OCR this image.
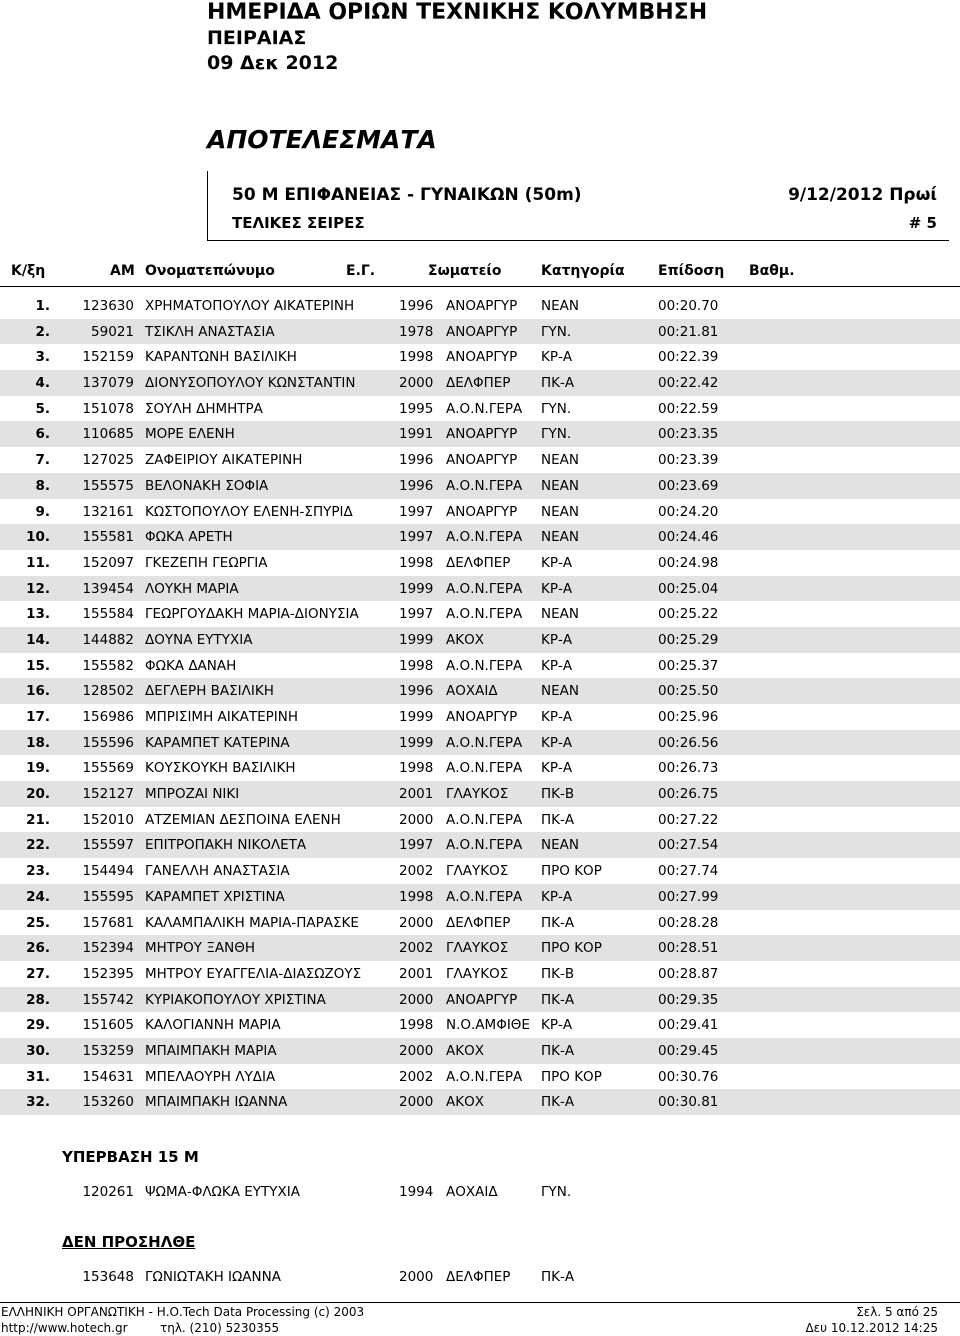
ΗΜΕΡΙΔΑ ΟΡΙΩΝ ΤΕΧΝΙΚΗΣ ΚΟΛΥΜΒΗΣΗ
ΠΕΙΡΑΙΑΣ
09 Δεκ 2012
ΑΠΟΤΕΛΕΣΜΑΤΑ
50 Μ ΕΠΙΦΑΝΕΙΑΣ - ΓΥΝΑΙΚΩΝ (50m)	9/12/2012 Πρωί
ΤΕΛΙΚΕΣ ΣΕΙΡΕΣ	# 5
Κ/ξη	ΑΜ Ονοματεπώνυμο	Ε.Γ.	Σωματείο	Κατηγορία Επίδοση Βαθμ.
1.	123630 ΧΡΗΜΑΤΟΠΟΥΛΟΥ ΑΙΚΑΤΕΡΙΝΗ	1996 ΑΝΟΑΡΓΥΡ ΝΕΑΝ	00:20.70
2.	59021 ΤΣΙΚΛΗ ΑΝΑΣΤΑΣΙΑ	1978 ΑΝΟΑΡΓΥΡ ΓΥΝ.	00:21.81
3.	152159 ΚΑΡΑΝΤΩΝΗ ΒΑΣΙΛΙΚΗ	1998 ΑΝΟΑΡΓΥΡ ΚΡ-Α	00:22.39
4.	137079 ΔΙΟΝΥΣΟΠΟΥΛΟΥ ΚΩΝΣΤΑΝΤΙΝ	2000 ΔΕΛΦΠΕΡ ΠΚ-Α	00:22.42
5.	151078 ΣΟΥΛΗ ΔΗΜΗΤΡΑ	1995 Α.Ο.Ν.ΓΕΡΑ ΓΥΝ.	00:22.59
6.	110685 ΜΟΡΕ ΕΛΕΝΗ	1991 ΑΝΟΑΡΓΥΡ ΓΥΝ.	00:23.35
7.	127025 ΖΑΦΕΙΡΙΟΥ ΑΙΚΑΤΕΡΙΝΗ	1996 ΑΝΟΑΡΓΥΡ ΝΕΑΝ	00:23.39
8.	155575 ΒΕΛΟΝΑΚΗ ΣΟΦΙΑ	1996 Α.Ο.Ν.ΓΕΡΑ ΝΕΑΝ	00:23.69
9.	132161 ΚΩΣΤΟΠΟΥΛΟΥ ΕΛΕΝΗ-ΣΠΥΡΙΔ	1997 ΑΝΟΑΡΓΥΡ ΝΕΑΝ	00:24.20
10.	155581 ΦΩΚΑ ΑΡΕΤΗ	1997 Α.Ο.Ν.ΓΕΡΑ ΝΕΑΝ	00:24.46
11.	152097 ΓΚΕΖΕΠΗ ΓΕΩΡΓΙΑ	1998 ΔΕΛΦΠΕΡ ΚΡ-Α	00:24.98
12.	139454 ΛΟΥΚΗ ΜΑΡΙΑ	1999 Α.Ο.Ν.ΓΕΡΑ ΚΡ-Α	00:25.04
13.	155584 ΓΕΩΡΓΟΥΔΑΚΗ ΜΑΡΙΑ-ΔΙΟΝΥΣΙΑ	1997 Α.Ο.Ν.ΓΕΡΑ ΝΕΑΝ	00:25.22
14.	144882 ΔΟΥΝΑ ΕΥΤΥΧΙΑ	1999 ΑΚΟΧ	ΚΡ-Α	00:25.29
15.	155582 ΦΩΚΑ ΔΑΝΑΗ	1998 Α.Ο.Ν.ΓΕΡΑ ΚΡ-Α	00:25.37
16.	128502 ΔΕΓΛΕΡΗ ΒΑΣΙΛΙΚΗ	1996 ΑΟΧΑΙΔ	ΝΕΑΝ	00:25.50
17.	156986 ΜΠΡΙΣΙΜΗ ΑΙΚΑΤΕΡΙΝΗ	1999 ΑΝΟΑΡΓΥΡ ΚΡ-Α	00:25.96
18.	155596 ΚΑΡΑΜΠΕΤ ΚΑΤΕΡΙΝΑ	1999 Α.Ο.Ν.ΓΕΡΑ ΚΡ-Α	00:26.56
19.	155569 ΚΟΥΣΚΟΥΚΗ ΒΑΣΙΛΙΚΗ	1998 Α.Ο.Ν.ΓΕΡΑ ΚΡ-Α	00:26.73
20.	152127 ΜΠΡΟΖΑΙ ΝΙΚΙ	2001 ΓΛΑΥΚΟΣ ΠΚ-Β	00:26.75
21.	152010 ΑΤΖΕΜΙΑΝ ΔΕΣΠΟΙΝΑ ΕΛΕΝΗ	2000 Α.Ο.Ν.ΓΕΡΑ ΠΚ-Α	00:27.22
22.	155597 ΕΠΙΤΡΟΠΑΚΗ ΝΙΚΟΛΕΤΑ	1997 Α.Ο.Ν.ΓΕΡΑ ΝΕΑΝ	00:27.54
23.	154494 ΓΑΝΕΛΛΗ ΑΝΑΣΤΑΣΙΑ	2002 ΓΛΑΥΚΟΣ ΠΡΟ ΚΟΡ	00:27.74
24.	155595 ΚΑΡΑΜΠΕΤ ΧΡΙΣΤΙΝΑ	1998 Α.Ο.Ν.ΓΕΡΑ ΚΡ-Α	00:27.99
25.	157681 ΚΑΛΑΜΠΑΛΙΚΗ ΜΑΡΙΑ-ΠΑΡΑΣΚΕ	2000 ΔΕΛΦΠΕΡ ΠΚ-Α	00:28.28
26.	152394 ΜΗΤΡΟΥ ΞΑΝΘΗ	2002 ΓΛΑΥΚΟΣ ΠΡΟ ΚΟΡ	00:28.51
27.	152395 ΜΗΤΡΟΥ ΕΥΑΓΓΕΛΙΑ-ΔΙΑΣΩΖΟΥΣ	2001 ΓΛΑΥΚΟΣ ΠΚ-Β	00:28.87
28.	155742 ΚΥΡΙΑΚΟΠΟΥΛΟΥ ΧΡΙΣΤΙΝΑ	2000 ΑΝΟΑΡΓΥΡ ΠΚ-Α	00:29.35
29.	151605 ΚΑΛΟΓΙΑΝΝΗ ΜΑΡΙΑ	1998 Ν.Ο.ΑΜΦΙΘΕ ΚΡ-Α	00:29.41
30.	153259 ΜΠΑΙΜΠΑΚΗ ΜΑΡΙΑ	2000 ΑΚΟΧ	ΠΚ-Α	00:29.45
31.	154631 ΜΠΕΛΑΟΥΡΗ ΛΥΔΙΑ	2002 Α.Ο.Ν.ΓΕΡΑ ΠΡΟ ΚΟΡ	00:30.76
32.	153260 ΜΠΑΙΜΠΑΚΗ ΙΩΑΝΝΑ	2000 ΑΚΟΧ	ΠΚ-Α	00:30.81
ΥΠΕΡΒΑΣΗ 15 Μ
120261 ΨΩΜΑ-ΦΛΩΚΑ ΕΥΤΥΧΙΑ	1994 ΑΟΧΑΙΔ	ΓΥΝ.
ΔΕΝ ΠΡΟΣΗΛΘΕ
153648 ΓΩΝΙΩΤΑΚΗ ΙΩΑΝΝΑ	2000 ΔΕΛΦΠΕΡ ΠΚ-Α
ΕΛΛΗΝΙΚΗ ΟΡΓΑΝΩΤΙΚΗ - Η.Ο.Tech Data Processing (c) 2003
http://www.hotech.gr	τηλ. (210) 5230355
Σελ. 5 από 25
Δευ 10.12.2012 14:25
